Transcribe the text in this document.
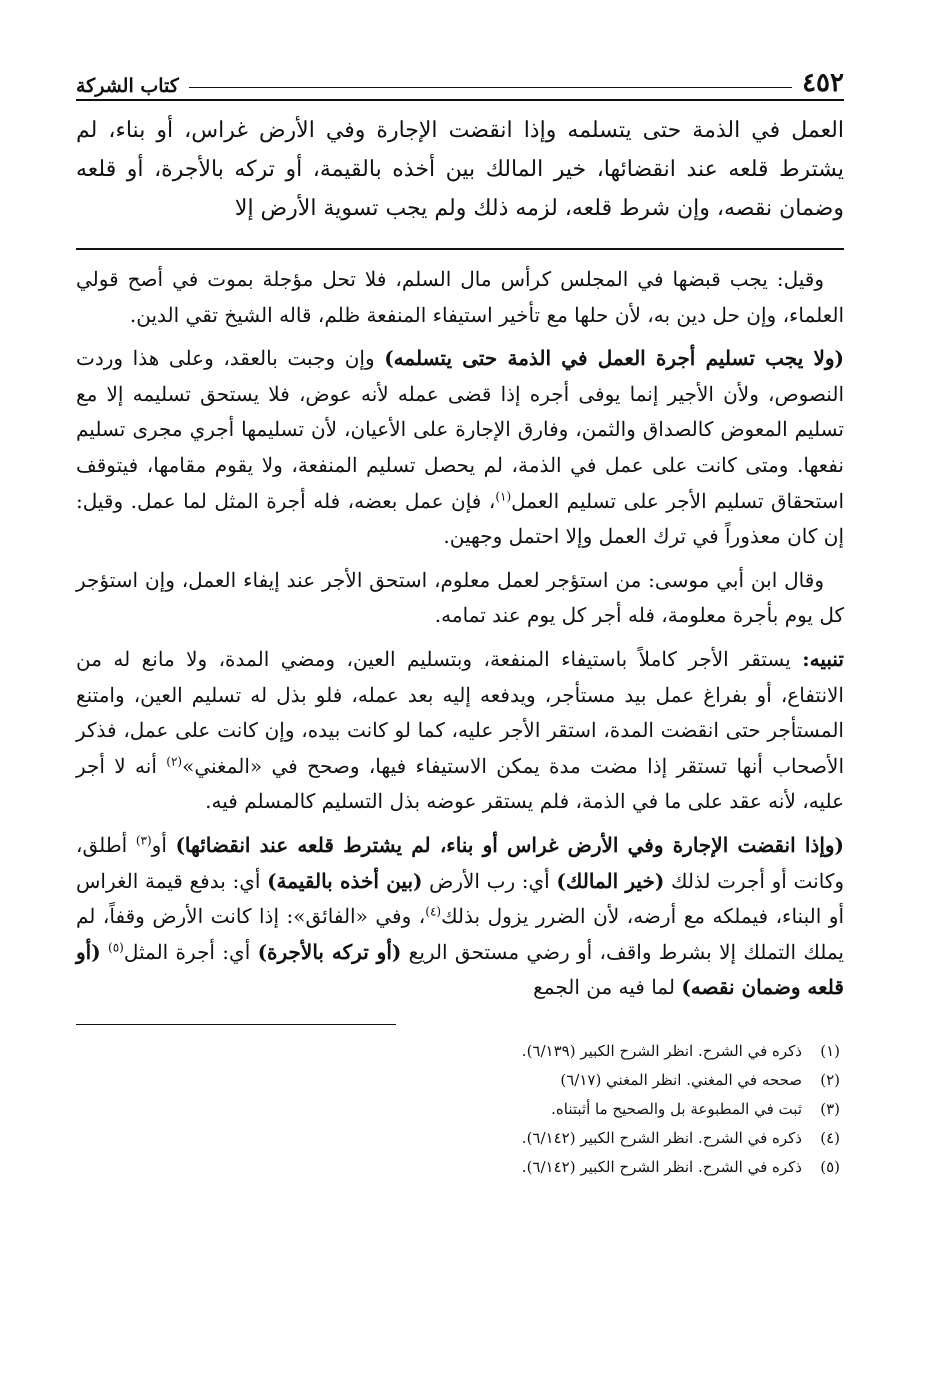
٤٥٢
كتاب الشركة
العمل في الذمة حتى يتسلمه وإذا انقضت الإجارة وفي الأرض غراس، أو بناء، لم يشترط قلعه عند انقضائها، خير المالك بين أخذه بالقيمة، أو تركه بالأجرة، أو قلعه وضمان نقصه، وإن شرط قلعه، لزمه ذلك ولم يجب تسوية الأرض إلا

وقيل: يجب قبضها في المجلس كرأس مال السلم، فلا تحل مؤجلة بموت في أصح قولي العلماء، وإن حل دين به، لأن حلها مع تأخير استيفاء المنفعة ظلم، قاله الشيخ تقي الدين.

(ولا يجب تسليم أجرة العمل في الذمة حتى يتسلمه) وإن وجبت بالعقد، وعلى هذا وردت النصوص، ولأن الأجير إنما يوفى أجره إذا قضى عمله لأنه عوض، فلا يستحق تسليمه إلا مع تسليم المعوض كالصداق والثمن، وفارق الإجارة على الأعيان، لأن تسليمها أجري مجرى تسليم نفعها. ومتى كانت على عمل في الذمة، لم يحصل تسليم المنفعة، ولا يقوم مقامها، فيتوقف استحقاق تسليم الأجر على تسليم العمل$^{(١)}$، فإن عمل بعضه، فله أجرة المثل لما عمل. وقيل: إن كان معذوراً في ترك العمل وإلا احتمل وجهين.

وقال ابن أبي موسى: من استؤجر لعمل معلوم، استحق الأجر عند إيفاء العمل، وإن استؤجر كل يوم بأجرة معلومة، فله أجر كل يوم عند تمامه.

تنبيه: يستقر الأجر كاملاً باستيفاء المنفعة، وبتسليم العين، ومضي المدة، ولا مانع له من الانتفاع، أو بفراغ عمل بيد مستأجر، ويدفعه إليه بعد عمله، فلو بذل له تسليم العين، وامتنع المستأجر حتى انقضت المدة، استقر الأجر عليه، كما لو كانت بيده، وإن كانت على عمل، فذكر الأصحاب أنها تستقر إذا مضت مدة يمكن الاستيفاء فيها، وصحح في «المغني»$^{(٢)}$ أنه لا أجر عليه، لأنه عقد على ما في الذمة، فلم يستقر عوضه بذل التسليم كالمسلم فيه.

(وإذا انقضت الإجارة وفي الأرض غراس أو بناء، لم يشترط قلعه عند انقضائها) أو$^{(٣)}$ أطلق، وكانت أو أجرت لذلك (خير المالك) أي: رب الأرض (بين أخذه بالقيمة) أي: بدفع قيمة الغراس أو البناء، فيملكه مع أرضه، لأن الضرر يزول بذلك$^{(٤)}$، وفي «الفائق»: إذا كانت الأرض وقفاً، لم يملك التملك إلا بشرط واقف، أو رضي مستحق الريع (أو تركه بالأجرة) أي: أجرة المثل$^{(٥)}$ (أو قلعه وضمان نقصه) لما فيه من الجمع

(١)
ذكره في الشرح. انظر الشرح الكبير (٦/١٣٩).
(٢)
صححه في المغني. انظر المغني (٦/١٧)
(٣)
ثبت في المطبوعة بل والصحيح ما أثبتناه.
(٤)
ذكره في الشرح. انظر الشرح الكبير (٦/١٤٢).
(٥)
ذكره في الشرح. انظر الشرح الكبير (٦/١٤٢).
